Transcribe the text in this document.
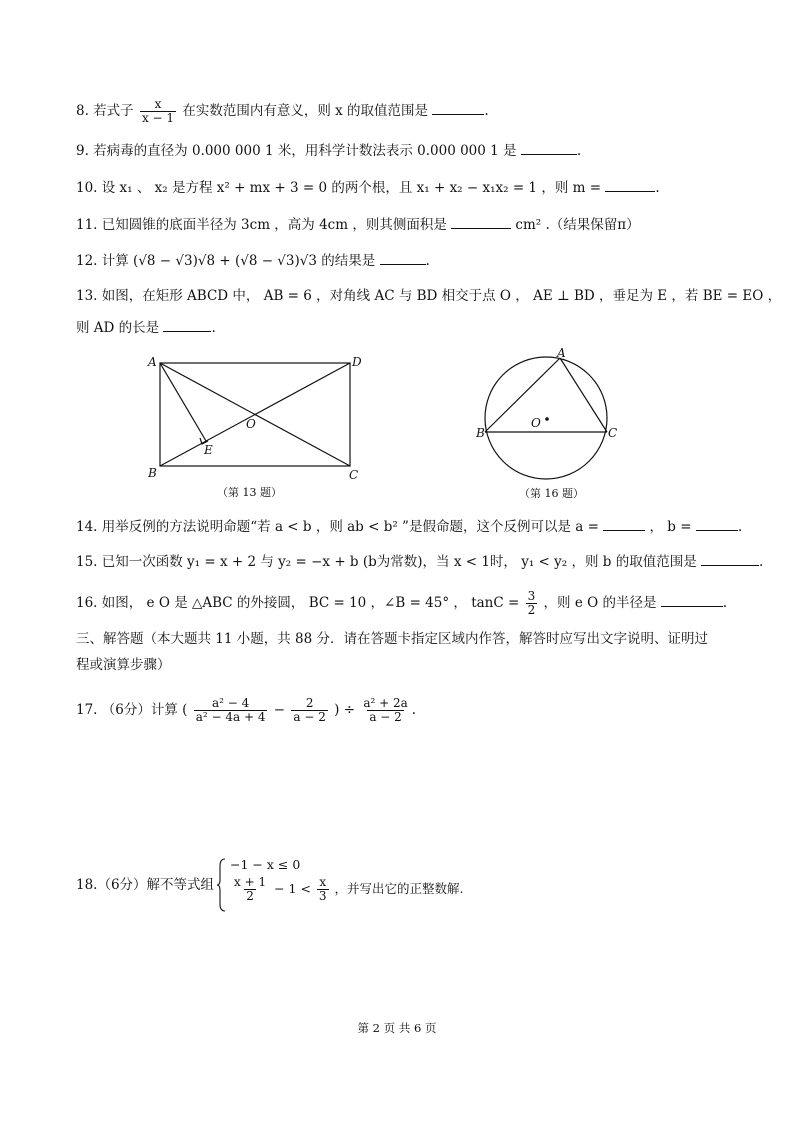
8. 若式子 $\frac{x}{x - 1}$ 在实数范围内有意义，则 x 的取值范围是	.
9. 若病毒的直径为 0.000 000 1 米，用科学计数法表示 0.000 000 1 是	.
10. 设 x₁ 、 x₂ 是方程 x² + mx + 3 = 0 的两个根，且 x₁ + x₂ − x₁x₂ = 1 ，则 m =	.
11. 已知圆锥的底面半径为 3cm ，高为 4cm ，则其侧面积是	cm² .（结果保留π）
12. 计算 (√8 − √3)√8 + (√8 − √3)√3 的结果是	.
13. 如图，在矩形 ABCD 中， AB = 6 ，对角线 AC 与 BD 相交于点 O ， AE ⊥ BD ，垂足为 E ，若 BE = EO ，
则 AD 的长是	.
A	D
B	C
E
O
（第 13 题）
A
B	C
O
（第 16 题）
14. 用举反例的方法说明命题“若 a < b ，则 ab < b² ”是假命题，这个反例可以是 a =	， b =	.
15. 已知一次函数 y₁ = x + 2 与 y₂ = −x + b (b为常数)，当 x < 1时， y₁ < y₂ ，则 b 的取值范围是	.
16. 如图， e O 是 △ABC 的外接圆， BC = 10 ，∠B = 45° ， $\tan C = \frac{3}{2}$ ，则 e O 的半径是	.
三、解答题（本大题共 11 小题，共 88 分．请在答题卡指定区域内作答，解答时应写出文字说明、证明过
程或演算步骤）
17. （6分）计算 ( $\frac{\text{a² − 4}}{\text{a² − 4a + 4}} - \frac{2}{a - 2}$ ) ÷ $\frac{\text{a² + 2a}}{a - 2}$ .
18.（6分）解不等式组
−1 − x ≤ 0
$\frac{x + 1}{2} - 1 < \frac{x}{3}$ ，并写出它的正整数解.
第 2 页 共 6 页
